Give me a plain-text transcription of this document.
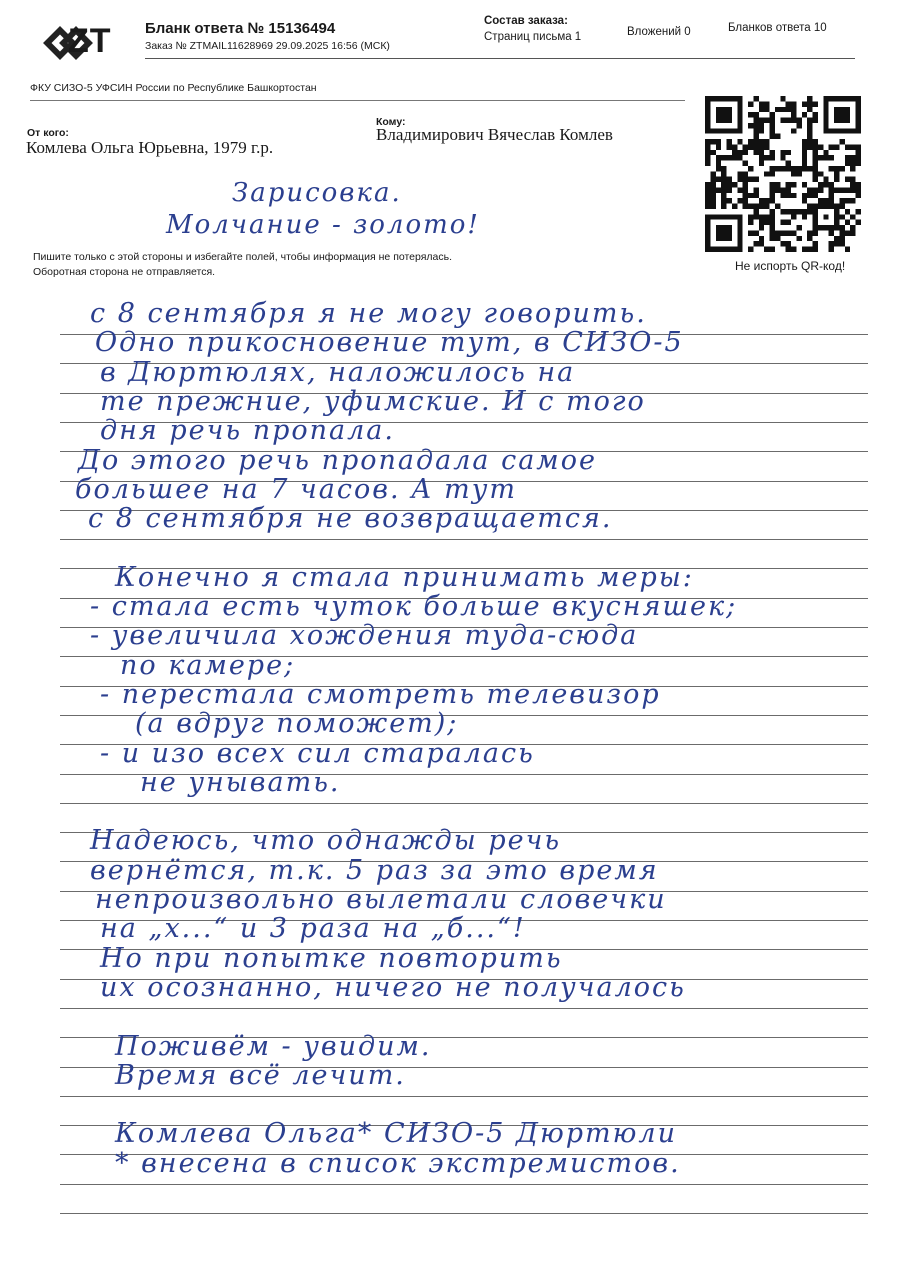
ZT Бланк ответа № 15136494
Заказ № ZTMAIL11628969 29.09.2025 16:56 (МСК)
Состав заказа:
Страниц письма 1	Вложений 0	Бланков ответа 10
ФКУ СИЗО-5 УФСИН России по Республике Башкортостан
От кого:
Комлева Ольга Юрьевна, 1979 г.р.
Кому:
Владимирович Вячеслав Комлев
Не испорть QR-код!
Зарисовка.
Молчание - золото!
Пишите только с этой стороны и избегайте полей, чтобы информация не потерялась.
Оборотная сторона не отправляется.
с 8 сентября я не могу говорить.
Одно прикосновение тут, в СИЗО-5
в Дюртюлях, наложилось на
те прежние, уфимские. И с того
дня речь пропала.
До этого речь пропадала самое
большее на 7 часов. А тут
с 8 сентября не возвращается.
Конечно я стала принимать меры:
- стала есть чуток больше вкусняшек;
- увеличила хождения туда-сюда
по камере;
- перестала смотреть телевизор
(а вдруг поможет);
- и изо всех сил старалась
не унывать.
Надеюсь, что однажды речь
вернётся, т.к. 5 раз за это время
непроизвольно вылетали словечки
на „х...“ и 3 раза на „б...“!
Но при попытке повторить
их осознанно, ничего не получалось
Поживём - увидим.
Время всё лечит.
Комлева Ольга* СИЗО-5 Дюртюли
* внесена в список экстремистов.
